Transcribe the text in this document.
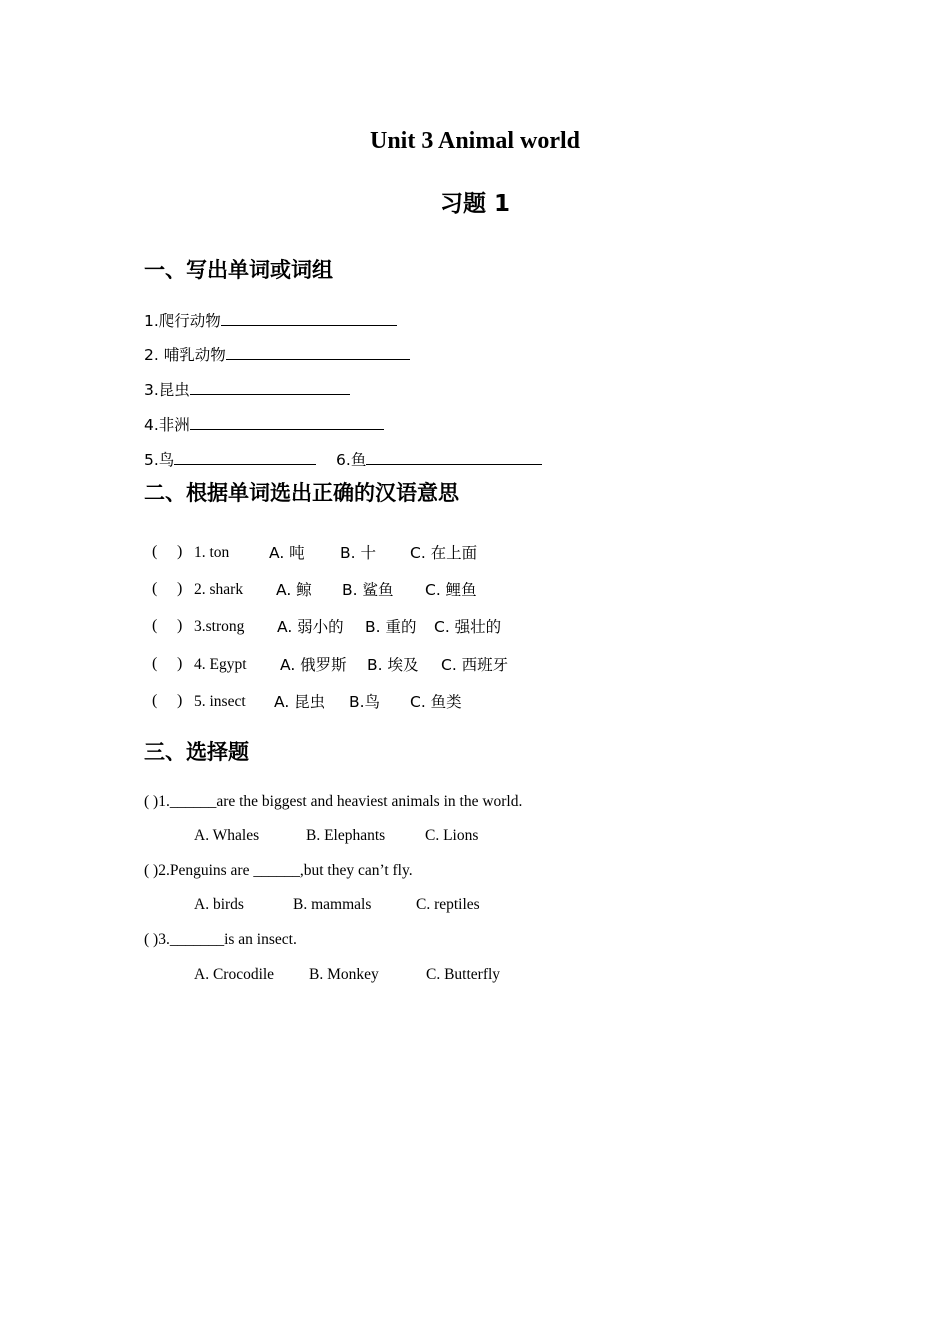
Unit 3 Animal world
习题 1
一、写出单词或词组
1.爬行动物
2. 哺乳动物
3.昆虫
4.非洲
5.鸟	6.鱼
二、根据单词选出正确的汉语意思
( ) 1. ton	A. 吨 B. 十 C. 在上面
( ) 2. shark A. 鲸 B. 鲨鱼 C. 鲤鱼
( ) 3.strong A. 弱小的 B. 重的 C. 强壮的
( ) 4. Egypt A. 俄罗斯 B. 埃及 C. 西班牙
( ) 5. insect A. 昆虫 B.鸟 C. 鱼类
三、选择题
( )1.______are the biggest and heaviest animals in the world.
A. Whales	B. Elephants	C. Lions
( )2.Penguins are ______,but they can’t fly.
A. birds	B. mammals	C. reptiles
( )3._______is an insect.
A. Crocodile B. Monkey	C. Butterfly
